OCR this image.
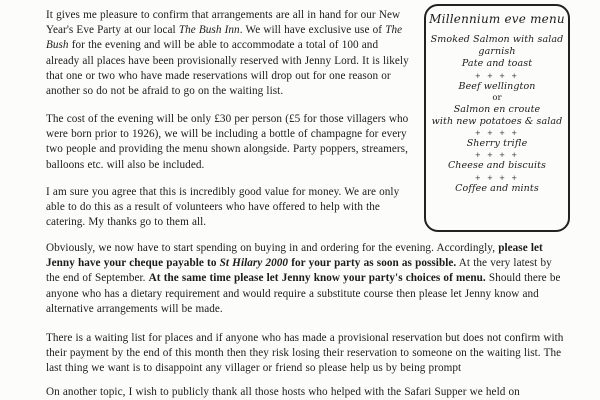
It gives me pleasure to confirm that arrangements are all in hand for our New Year's Eve Party at our local The Bush Inn. We will have exclusive use of The Bush for the evening and will be able to accommodate a total of 100 and already all places have been provisionally reserved with Jenny Lord. It is likely that one or two who have made reservations will drop out for one reason or another so do not be afraid to go on the waiting list.

The cost of the evening will be only £30 per person (£5 for those villagers who were born prior to 1926), we will be including a bottle of champagne for every two people and providing the menu shown alongside. Party poppers, streamers, balloons etc. will also be included.

I am sure you agree that this is incredibly good value for money. We are only able to do this as a result of volunteers who have offered to help with the catering. My thanks go to them all.

Obviously, we now have to start spending on buying in and ordering for the evening. Accordingly, please let Jenny have your cheque payable to St Hilary 2000 for your party as soon as possible. At the very latest by the end of September. At the same time please let Jenny know your party's choices of menu. Should there be anyone who has a dietary requirement and would require a substitute course then please let Jenny know and alternative arrangements will be made.

There is a waiting list for places and if anyone who has made a provisional reservation but does not confirm with their payment by the end of this month then they risk losing their reservation to someone on the waiting list. The last thing we want is to disappoint any villager or friend so please help us by being prompt

On another topic, I wish to publicly thank all those hosts who helped with the Safari Supper we held on

Millennium eve menu

Smoked Salmon with salad

garnish

Pate and toast

+ + + +

Beef wellington

or

Salmon en croute

with new potatoes & salad

+ + + +

Sherry trifle

+ + + +

Cheese and biscuits

+ + + +

Coffee and mints
